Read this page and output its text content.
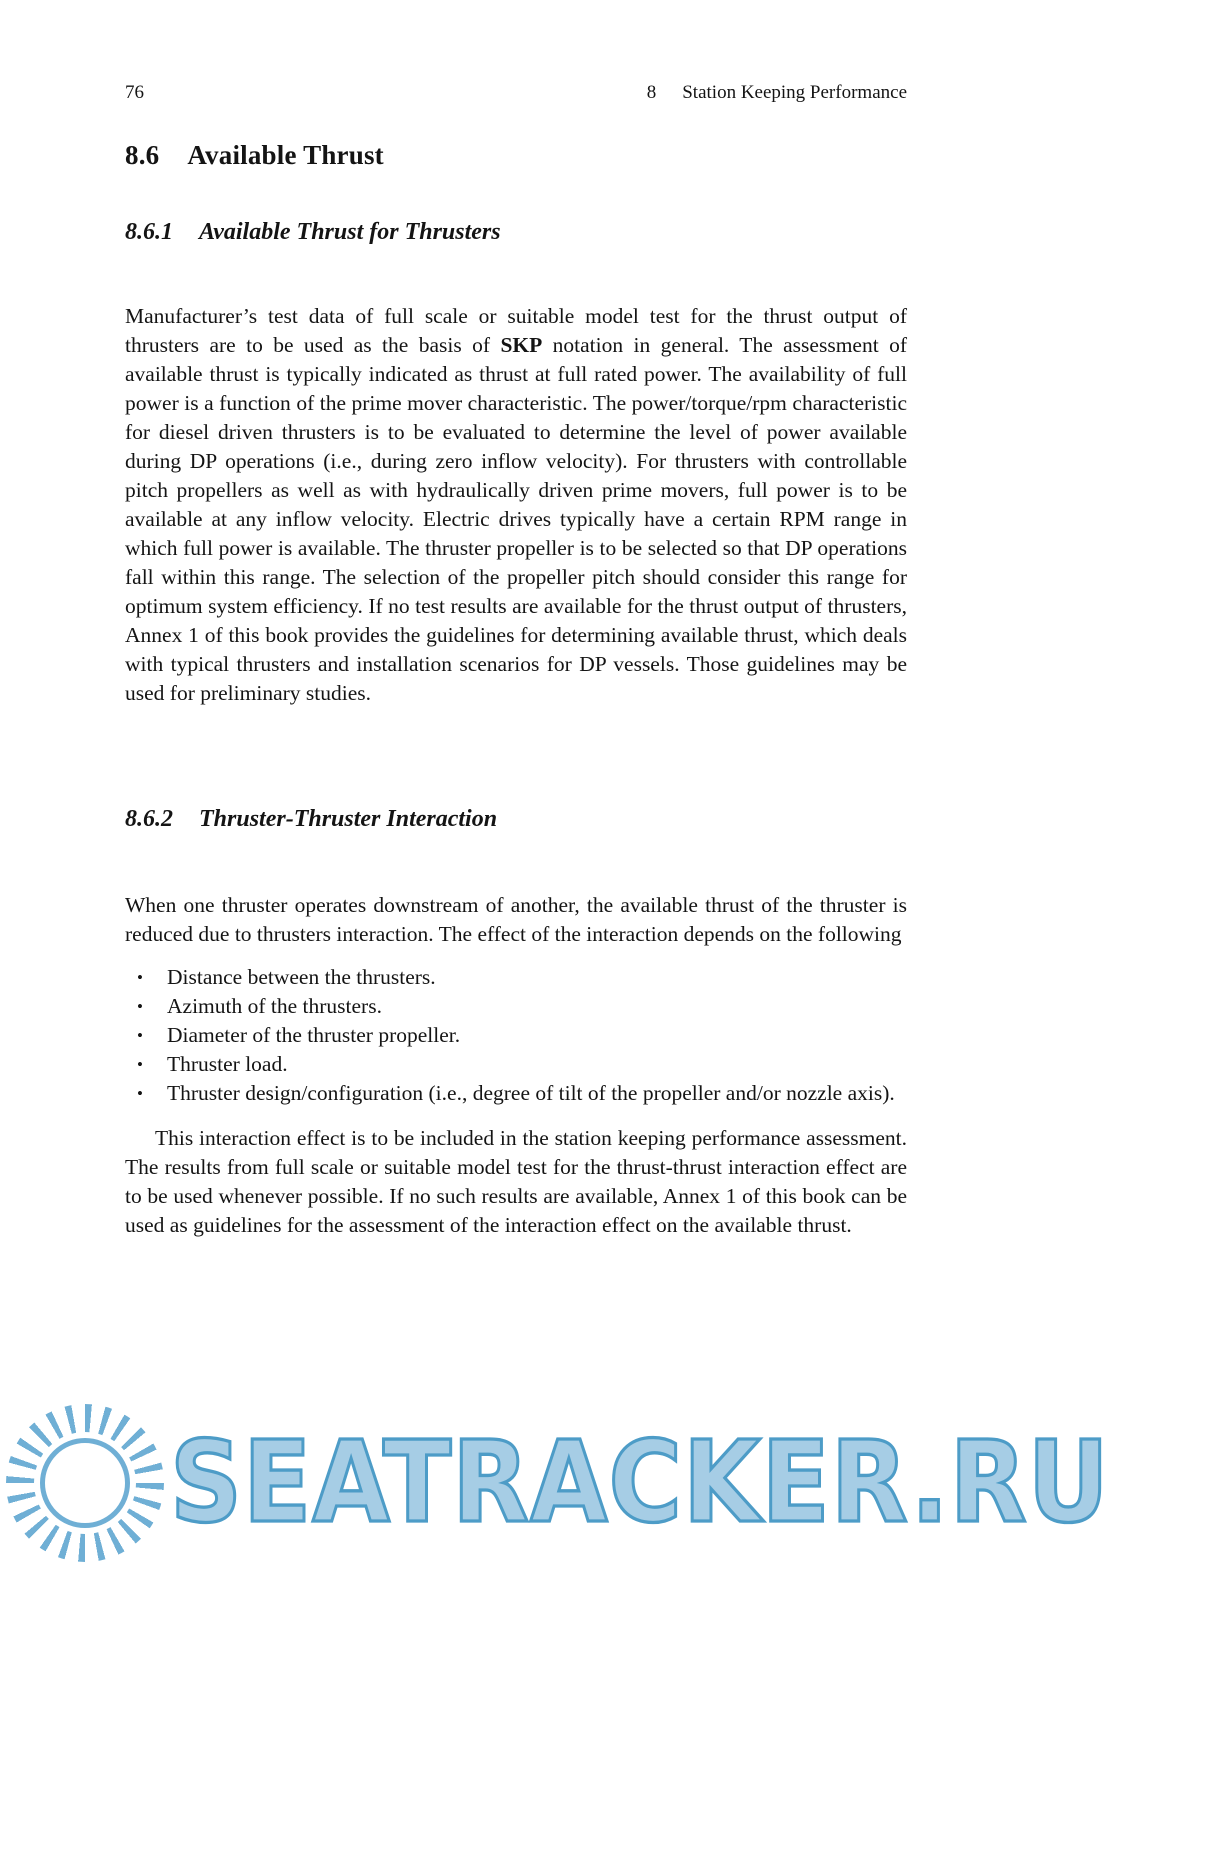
76	8 Station Keeping Performance
8.6 Available Thrust
8.6.1 Available Thrust for Thrusters

Manufacturer’s test data of full scale or suitable model test for the thrust output of thrusters are to be used as the basis of SKP notation in general. The assessment of available thrust is typically indicated as thrust at full rated power. The availability of full power is a function of the prime mover characteristic. The power/torque/rpm characteristic for diesel driven thrusters is to be evaluated to determine the level of power available during DP operations (i.e., during zero inflow velocity). For thrusters with controllable pitch propellers as well as with hydraulically driven prime movers, full power is to be available at any inflow velocity. Electric drives typically have a certain RPM range in which full power is available. The thruster propeller is to be selected so that DP operations fall within this range. The selection of the propeller pitch should consider this range for optimum system efficiency. If no test results are available for the thrust output of thrusters, Annex 1 of this book provides the guidelines for determining available thrust, which deals with typical thrusters and installation scenarios for DP vessels. Those guidelines may be used for preliminary studies.

8.6.2 Thruster-Thruster Interaction

When one thruster operates downstream of another, the available thrust of the thruster is reduced due to thrusters interaction. The effect of the interaction depends on the following

• Distance between the thrusters.
• Azimuth of the thrusters.
• Diameter of the thruster propeller.
• Thruster load.
• Thruster design/configuration (i.e., degree of tilt of the propeller and/or nozzle axis).

This interaction effect is to be included in the station keeping performance assessment. The results from full scale or suitable model test for the thrust-thrust interaction effect are to be used whenever possible. If no such results are available, Annex 1 of this book can be used as guidelines for the assessment of the interaction effect on the available thrust.

SEATRACKER.RU
